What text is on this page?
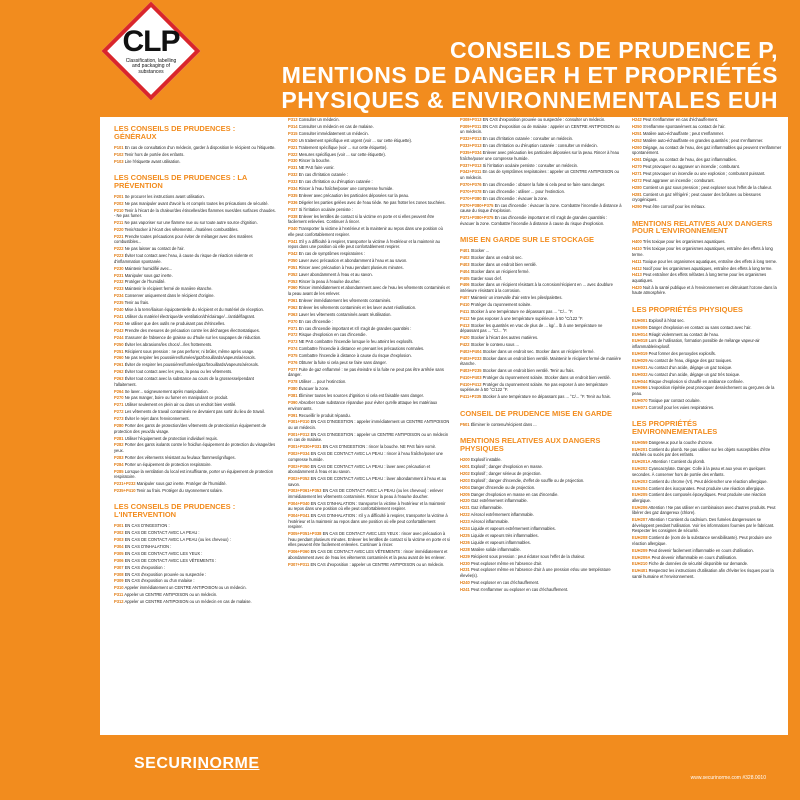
CLP
Classification, labelling and packaging of substances
CONSEILS DE PRUDENCE P,
MENTIONS DE DANGER H ET PROPRIÉTÉS
PHYSIQUES & ENVIRONNEMENTALES EUH
LES CONSEILS DE PRUDENCES : GÉNÉRAUX
P101 En cas de consultation d'un médecin, garder à disposition le récipient ou l'étiquette.
P102 Tenir hors de portée des enfants.
P103 Lire l'étiquette avant utilisation.
LES CONSEILS DE PRUDENCES : LA PRÉVENTION
P201 Se procurer les instructions avant utilisation.
P202 Ne pas manipuler avant d'avoir lu et compris toutes les précautions de sécurité.
P210 Tenir à l'écart de la chaleur/des étincelles/des flammes nues/des surfaces chaudes. - Ne pas fumer.
P211 Ne pas vaporiser sur une flamme nue ou sur toute autre source d'ignition.
P220 Tenir/stocker à l'écart des vêtements/.../matières combustibles.
P221 Prendre toutes précautions pour éviter de mélanger avec des matières combustibles...
P222 Ne pas laisser au contact de l'air.
P223 Éviter tout contact avec l'eau, à cause du risque de réaction violente et d'inflammation spontanée.
P230 Maintenir humidifié avec...
P231 Manipuler sous gaz inerte.
P232 Protéger de l'humidité.
P233 Maintenir le récipient fermé de manière étanche.
P234 Conserver uniquement dans le récipient d'origine.
P235 Tenir au frais.
P240 Mise à la terre/liaison équipotentielle du récipient et du matériel de réception.
P241 Utiliser du matériel électrique/de ventilation/d'éclairage/.../antidéflagrant.
P242 Ne utiliser que des outils ne produisant pas d'étincelles.
P243 Prendre des mesures de précaution contre les décharges électrostatiques.
P244 S'assurer de l'absence de graisse ou d'huile sur les soupapes de réduction.
P250 Éviter les abrasions/les chocs/.../les frottements.
P251 Récipient sous pression : ne pas perforer, ni brûler, même après usage.
P260 Ne pas respirer les poussières/fumées/gaz/brouillards/vapeurs/aérosols.
P261 Éviter de respirer les poussières/fumées/gaz/brouillards/vapeurs/aérosols.
P262 Éviter tout contact avec les yeux, la peau ou les vêtements.
P263 Éviter tout contact avec la substance au cours de la grossesse/pendant l'allaitement.
P264 Se laver... soigneusement après manipulation.
P270 Ne pas manger, boire ou fumer en manipulant ce produit.
P271 Utiliser seulement en plein air ou dans un endroit bien ventilé.
P272 Les vêtements de travail contaminés ne devraient pas sortir du lieu de travail.
P273 Éviter le rejet dans l'environnement.
P280 Porter des gants de protection/des vêtements de protection/un équipement de protection des yeux/du visage.
P281 Utiliser l'équipement de protection individuel requis.
P282 Porter des gants isolants contre le froid/un équipement de protection du visage/des yeux.
P283 Porter des vêtements résistant au feu/aux flammes/ignifuges.
P284 Porter un équipement de protection respiratoire.
P285 Lorsque la ventilation du local est insuffisante, porter un équipement de protection respiratoire.
P231+P232 Manipuler sous gaz inerte. Protéger de l'humidité.
P235+P410 Tenir au frais. Protéger du rayonnement solaire.
LES CONSEILS DE PRUDENCES : L'INTERVENTION
P301 EN CAS D'INGESTION :
P302 EN CAS DE CONTACT AVEC LA PEAU :
P303 EN CAS DE CONTACT AVEC LA PEAU (ou les cheveux) :
P304 EN CAS D'INHALATION :
P305 EN CAS DE CONTACT AVEC LES YEUX :
P306 EN CAS DE CONTACT AVEC LES VÊTEMENTS :
P307 EN CAS d'exposition :
P308 EN CAS d'exposition prouvée ou suspectée :
P309 EN CAS d'exposition ou d'un malaise :
P310 Appeler immédiatement un CENTRE ANTIPOISON ou un médecin.
P311 Appeler un CENTRE ANTIPOISON ou un médecin.
P312 Appeler un CENTRE ANTIPOISON ou un médecin en cas de malaise.
P313 Consulter un médecin.
P314 Consulter un médecin en cas de malaise.
P315 Consulter immédiatement un médecin.
P320 Un traitement spécifique est urgent (voir ... sur cette étiquette).
P321 Traitement spécifique (voir ... sur cette étiquette).
P322 Mesures spécifiques (voir ... sur cette étiquette).
P330 Rincer la bouche.
P331 NE PAS faire vomir.
P332 En cas d'irritation cutanée :
P333 En cas d'irritation ou d'éruption cutanée :
P334 Rincer à l'eau fraîche/poser une compresse humide.
P335 Enlever avec précaution les particules déposées sur la peau.
P336 Dégeler les parties gelées avec de l'eau tiède. Ne pas frotter les zones touchées.
P337 Si l'irritation oculaire persiste :
P338 Enlever les lentilles de contact si la victime en porte et si elles peuvent être facilement enlevées. Continuer à rincer.
P340 Transporter la victime à l'extérieur et la maintenir au repos dans une position où elle peut confortablement respirer.
P341 S'il y a difficulté à respirer, transporter la victime à l'extérieur et la maintenir au repos dans une position où elle peut confortablement respirer.
P342 En cas de symptômes respiratoires :
P350 Laver avec précaution et abondamment à l'eau et au savon.
P351 Rincer avec précaution à l'eau pendant plusieurs minutes.
P352 Laver abondamment à l'eau et au savon.
P353 Rincer la peau à l'eau/se doucher.
P360 Rincer immédiatement et abondamment avec de l'eau les vêtements contaminés et la peau avant de les enlever.
P361 Enlever immédiatement les vêtements contaminés.
P362 Enlever les vêtements contaminés et les laver avant réutilisation.
P363 Laver les vêtements contaminés avant réutilisation.
P370 En cas d'incendie :
P371 En cas d'incendie important et s'il s'agit de grandes quantités :
P372 Risque d'explosion en cas d'incendie.
P373 NE PAS combattre l'incendie lorsque le feu atteint les explosifs.
P374 Combattre l'incendie à distance en prenant les précautions normales.
P375 Combattre l'incendie à distance à cause du risque d'explosion.
P376 Obturer la fuite si cela peut se faire sans danger.
P377 Fuite de gaz enflammé : ne pas éteindre si la fuite ne peut pas être arrêtée sans danger.
P378 Utiliser ... pour l'extinction.
P380 Évacuer la zone.
P381 Éliminer toutes les sources d'ignition si cela est faisable sans danger.
P390 Absorber toute substance répandue pour éviter qu'elle attaque les matériaux environnants.
P391 Recueillir le produit répandu.
P301+P310 EN CAS D'INGESTION : appeler immédiatement un CENTRE ANTIPOISON ou un médecin.
P301+P312 EN CAS D'INGESTION : appeler un CENTRE ANTIPOISON ou un médecin en cas de malaise.
P301+P330+P331 EN CAS D'INGESTION : rincer la bouche. NE PAS faire vomir.
P302+P334 EN CAS DE CONTACT AVEC LA PEAU : rincer à l'eau fraîche/poser une compresse humide.
P302+P350 EN CAS DE CONTACT AVEC LA PEAU : laver avec précaution et abondamment à l'eau et au savon.
P302+P352 EN CAS DE CONTACT AVEC LA PEAU : laver abondamment à l'eau et au savon.
P303+P361+P353 EN CAS DE CONTACT AVEC LA PEAU (ou les cheveux) : enlever immédiatement les vêtements contaminés. Rincer la peau à l'eau/se doucher.
P304+P340 EN CAS D'INHALATION : transporter la victime à l'extérieur et la maintenir au repos dans une position où elle peut confortablement respirer.
P304+P341 EN CAS D'INHALATION : s'il y a difficulté à respirer, transporter la victime à l'extérieur et la maintenir au repos dans une position où elle peut confortablement respirer.
P305+P351+P338 EN CAS DE CONTACT AVEC LES YEUX : rincer avec précaution à l'eau pendant plusieurs minutes. Enlever les lentilles de contact si la victime en porte et si elles peuvent être facilement enlevées. Continuer à rincer.
P306+P360 EN CAS DE CONTACT AVEC LES VÊTEMENTS : rincer immédiatement et abondamment avec de l'eau les vêtements contaminés et la peau avant de les enlever.
P307+P311 EN CAS d'exposition : appeler un CENTRE ANTIPOISON ou un médecin.
P308+P313 EN CAS d'exposition prouvée ou suspectée : consulter un médecin.
P309+P311 EN CAS d'exposition ou de malaise : appeler un CENTRE ANTIPOISON ou un médecin.
P332+P313 En cas d'irritation cutanée : consulter un médecin.
P333+P313 En cas d'irritation ou d'éruption cutanée : consulter un médecin.
P335+P334 Enlever avec précaution les particules déposées sur la peau. Rincer à l'eau fraîche/poser une compresse humide.
P337+P313 Si l'irritation oculaire persiste : consulter un médecin.
P342+P311 En cas de symptômes respiratoires : appeler un CENTRE ANTIPOISON ou un médecin.
P370+P376 En cas d'incendie : obturer la fuite si cela peut se faire sans danger.
P370+P378 En cas d'incendie : utiliser ... pour l'extinction.
P370+P380 En cas d'incendie : évacuer la zone.
P370+P380+P375 En cas d'incendie : évacuer la zone. Combattre l'incendie à distance à cause du risque d'explosion.
P371+P380+P375 En cas d'incendie important et s'il s'agit de grandes quantités : évacuer la zone. Combattre l'incendie à distance à cause du risque d'explosion.
MISE EN GARDE SUR LE STOCKAGE
P401 Stocker ...
P402 Stocker dans un endroit sec.
P403 Stocker dans un endroit bien ventilé.
P404 Stocker dans un récipient fermé.
P405 Garder sous clef.
P406 Stocker dans un récipient résistant à la corrosion/récipient en ... avec doublure intérieure résistant à la corrosion.
P407 Maintenir un intervalle d'air entre les piles/palettes.
P410 Protéger du rayonnement solaire.
P411 Stocker à une température ne dépassant pas ... °C/... °F.
P412 Ne pas exposer à une température supérieure à 50 °C/122 °F.
P413 Stocker les quantités en vrac de plus de ... kg/... lb à une température ne dépassant pas ... °C/... °F.
P420 Stocker à l'écart des autres matières.
P422 Stocker le contenu sous ...
P402+P404 Stocker dans un endroit sec. Stocker dans un récipient fermé.
P403+P233 Stocker dans un endroit bien ventilé. Maintenir le récipient fermé de manière étanche.
P403+P235 Stocker dans un endroit bien ventilé. Tenir au frais.
P410+P403 Protéger du rayonnement solaire. Stocker dans un endroit bien ventilé.
P410+P412 Protéger du rayonnement solaire. Ne pas exposer à une température supérieure à 50 °C/122 °F.
P411+P235 Stocker à une température ne dépassant pas ... °C/... °F. Tenir au frais.
CONSEIL DE PRUDENCE MISE EN GARDE
P501 Éliminer le contenu/récipient dans ...
MENTIONS RELATIVES AUX DANGERS PHYSIQUES
H200 Explosif instable.
H201 Explosif ; danger d'explosion en masse.
H202 Explosif ; danger sérieux de projection.
H203 Explosif ; danger d'incendie, d'effet de souffle ou de projection.
H204 Danger d'incendie ou de projection.
H205 Danger d'explosion en masse en cas d'incendie.
H220 Gaz extrêmement inflammable.
H221 Gaz inflammable.
H222 Aérosol extrêmement inflammable.
H223 Aérosol inflammable.
H224 Liquide et vapeurs extrêmement inflammables.
H225 Liquide et vapeurs très inflammables.
H226 Liquide et vapeurs inflammables.
H228 Matière solide inflammable.
H229 Récipient sous pression : peut éclater sous l'effet de la chaleur.
H230 Peut exploser même en l'absence d'air.
H231 Peut exploser même en l'absence d'air à une pression et/ou une température élevée(s).
H240 Peut exploser en cas d'échauffement.
H241 Peut s'enflammer ou exploser en cas d'échauffement.
H242 Peut s'enflammer en cas d'échauffement.
H250 S'enflamme spontanément au contact de l'air.
H251 Matière auto-échauffante ; peut s'enflammer.
H252 Matière auto-échauffante en grandes quantités ; peut s'enflammer.
H260 Dégage, au contact de l'eau, des gaz inflammables qui peuvent s'enflammer spontanément.
H261 Dégage, au contact de l'eau, des gaz inflammables.
H270 Peut provoquer ou aggraver un incendie ; comburant.
H271 Peut provoquer un incendie ou une explosion ; comburant puissant.
H272 Peut aggraver un incendie ; comburant.
H280 Contient un gaz sous pression ; peut exploser sous l'effet de la chaleur.
H281 Contient un gaz réfrigéré ; peut causer des brûlures ou blessures cryogéniques.
H290 Peut être corrosif pour les métaux.
MENTIONS RELATIVES AUX DANGERS POUR L'ENVIRONNEMENT
H400 Très toxique pour les organismes aquatiques.
H410 Très toxique pour les organismes aquatiques, entraîne des effets à long terme.
H411 Toxique pour les organismes aquatiques, entraîne des effets à long terme.
H412 Nocif pour les organismes aquatiques, entraîne des effets à long terme.
H413 Peut entraîner des effets néfastes à long terme pour les organismes aquatiques.
H420 Nuit à la santé publique et à l'environnement en détruisant l'ozone dans la haute atmosphère.
LES PROPRIÉTÉS PHYSIQUES
EUH001 Explosif à l'état sec.
EUH006 Danger d'explosion en contact ou sans contact avec l'air.
EUH014 Réagit violemment au contact de l'eau.
EUH018 Lors de l'utilisation, formation possible de mélange vapeur-air inflammable/explosif.
EUH019 Peut former des peroxydes explosifs.
EUH029 Au contact de l'eau, dégage des gaz toxiques.
EUH031 Au contact d'un acide, dégage un gaz toxique.
EUH032 Au contact d'un acide, dégage un gaz très toxique.
EUH044 Risque d'explosion si chauffé en ambiance confinée.
EUH066 L'exposition répétée peut provoquer dessèchement ou gerçures de la peau.
EUH070 Toxique par contact oculaire.
EUH071 Corrosif pour les voies respiratoires.
LES PROPRIÉTÉS ENVIRONNEMENTALES
EUH059 Dangereux pour la couche d'ozone.
EUH201 Contient du plomb. Ne pas utiliser sur les objets susceptibles d'être mâchés ou sucés par des enfants.
EUH201A Attention ! Contient du plomb.
EUH202 Cyanoacrylate. Danger. Colle à la peau et aux yeux en quelques secondes. À conserver hors de portée des enfants.
EUH203 Contient du chrome (VI). Peut déclencher une réaction allergique.
EUH204 Contient des isocyanates. Peut produire une réaction allergique.
EUH205 Contient des composés époxydiques. Peut produire une réaction allergique.
EUH206 Attention ! Ne pas utiliser en combinaison avec d'autres produits. Peut libérer des gaz dangereux (chlore).
EUH207 Attention ! Contient du cadmium. Des fumées dangereuses se développent pendant l'utilisation. Voir les informations fournies par le fabricant. Respecter les consignes de sécurité.
EUH208 Contient de (nom de la substance sensibilisante). Peut produire une réaction allergique.
EUH209 Peut devenir facilement inflammable en cours d'utilisation.
EUH209A Peut devenir inflammable en cours d'utilisation.
EUH210 Fiche de données de sécurité disponible sur demande.
EUH401 Respectez les instructions d'utilisation afin d'éviter les risques pour la santé humaine et l'environnement.
SECURINORME
www.securinorme.com #328.0010
